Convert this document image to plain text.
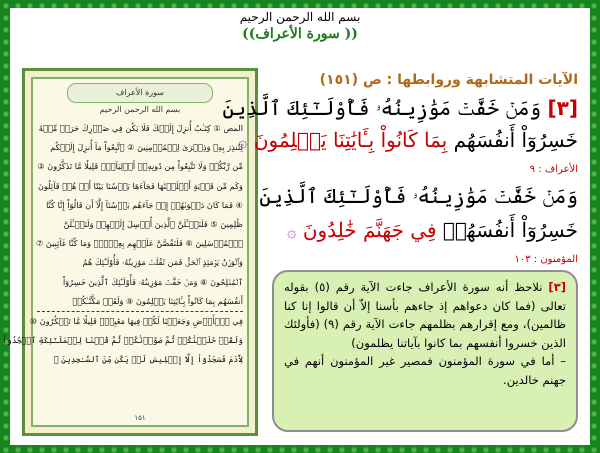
بسم الله الرحمن الرحيم
(( سورة الأعراف))
سورة الأعراف
بسم الله الرحمن الرحيم
المص ① كِتَـٰبٌ أُنزِلَ إِلَيۡكَ فَلَا يَكُن فِي صَدۡرِكَ حَرَجٞ مِّنۡهُ
لِتُنذِرَ بِهِۦ وَذِكۡرَىٰ لِلۡمُؤۡمِنِينَ ② ٱتَّبِعُواْ مَآ أُنزِلَ إِلَيۡكُم
مِّن رَّبِّكُمۡ وَلَا تَتَّبِعُواْ مِن دُونِهِۦٓ أَوۡلِيَآءَۗ قَلِيلٗا مَّا تَذَكَّرُونَ ③
وَكَم مِّن قَرۡيَةٍ أَهۡلَكۡنَٰهَا فَجَآءَهَا بَأۡسُنَا بَيَٰتًا أَوۡ هُمۡ قَآئِلُونَ
④ فَمَا كَانَ دَعۡوَىٰهُمۡ إِذۡ جَآءَهُم بَأۡسُنَآ إِلَّآ أَن قَالُوٓاْ إِنَّا كُنَّا
ظَٰلِمِينَ ⑤ فَلَنَسۡـَٔلَنَّ ٱلَّذِينَ أُرۡسِلَ إِلَيۡهِمۡ وَلَنَسۡـَٔلَنَّ
ٱلۡمُرۡسَلِينَ ⑥ فَلَنَقُصَّنَّ عَلَيۡهِم بِعِلۡمٖۖ وَمَا كُنَّا غَآئِبِينَ ⑦
وَٱلۡوَزۡنُ يَوۡمَئِذٍ ٱلۡحَقُّۚ فَمَن ثَقُلَتۡ مَوَٰزِينُهُۥ فَأُوْلَـٰٓئِكَ هُمُ
ٱلۡمُفۡلِحُونَ ⑧ وَمَنۡ خَفَّتۡ مَوَٰزِينُهُۥ فَأُوْلَـٰٓئِكَ ٱلَّذِينَ خَسِرُوٓاْ
أَنفُسَهُم بِمَا كَانُواْ بِـَٔايَٰتِنَا يَظۡلِمُونَ ⑨ وَلَقَدۡ مَكَّنَّـٰكُمۡ
فِي ٱلۡأَرۡضِ وَجَعَلۡنَا لَكُمۡ فِيهَا مَعَٰيِشَۗ قَلِيلٗا مَّا تَشۡكُرُونَ ⑩
وَلَقَدۡ خَلَقۡنَٰكُمۡ ثُمَّ صَوَّرۡنَٰكُمۡ ثُمَّ قُلۡنَا لِلۡمَلَـٰٓئِكَةِ ٱسۡجُدُواْ
لِأٓدَمَ فَسَجَدُوٓاْ إِلَّآ إِبۡلِيسَ لَمۡ يَكُن مِّنَ ٱلسَّـٰجِدِينَ ⑪
١٥١
الآيات المتشابهة وروابطها : ص (١٥١)
[٣] وَمَنۡ خَفَّتۡ مَوَٰزِينُهُۥ فَأُوْلَـٰٓئِكَ ٱلَّذِينَ
خَسِرُوٓاْ أَنفُسَهُم بِمَا كَانُواْ بِـَٔايَٰتِنَا يَظۡلِمُونَ ۞
الأعراف : ٩
وَمَنۡ خَفَّتۡ مَوَٰزِينُهُۥ فَأُوْلَـٰٓئِكَ ٱلَّذِينَ
خَسِرُوٓاْ أَنفُسَهُمۡ فِي جَهَنَّمَ خَٰلِدُونَ ۞
المؤمنون : ١٠٣

[٣] نلاحظ أنه سورة الأعراف جاءت الآية رقم (٥) بقوله تعالى (فما كان دعواهم إذ جاءهم بأسنا إلاّ أن قالوا إنا كنا ظالمين)، ومع إقرارهم بظلمهم جاءت الآية رقم (٩) (فأولئك الذين خسروا أنفسهم بما كانوا بآياتنا يظلمون)

– أما في سورة المؤمنون فمصير غير المؤمنون أنهم في جهنم خالدين.
